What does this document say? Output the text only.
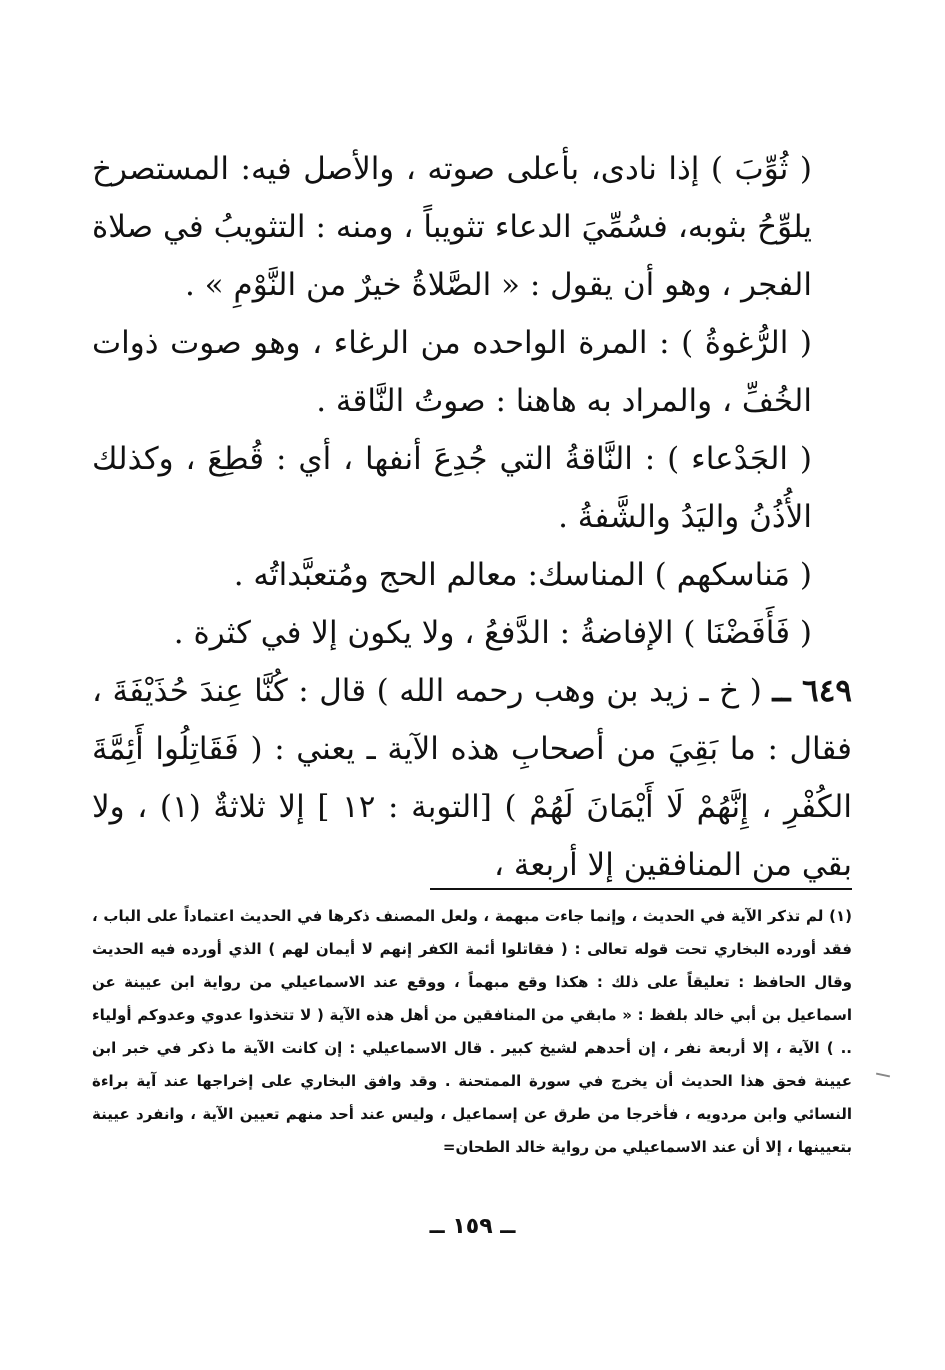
( ثُوِّبَ ) إذا نادى، بأعلى صوته ، والأصل فيه: المستصرخ يلوِّحُ بثوبه، فسُمِّيَ الدعاء تثويباً ، ومنه : التثويبُ في صلاة الفجر ، وهو أن يقول : « الصَّلاةُ خيرٌ من النَّوْمِ » .

( الرُّغوةُ ) : المرة الواحده من الرغاء ، وهو صوت ذوات الخُفِّ ، والمراد به هاهنا : صوتُ النَّاقة .

( الجَدْعاء ) : النَّاقةُ التي جُدِعَ أنفها ، أي : قُطِعَ ، وكذلك الأُذُنُ واليَدُ والشَّفةُ .

( مَناسكهم ) المناسك: معالم الحج ومُتعبَّداتُه .

( فَأَفَضْنَا ) الإفاضةُ : الدَّفعُ ، ولا يكون إلا في كثرة .

٦٤٩ ــ ( خ ـ زيد بن وهب رحمه الله ) قال : كُنَّا عِندَ حُذَيْفَةَ ، فقال : ما بَقِيَ من أصحابِ هذه الآية ـ يعني : ( فَقَاتِلُوا أَئِمَّةَ الكُفْرِ ، إِنَّهُمْ لَا أَيْمَانَ لَهُمْ ) [التوبة : ١٢ ] إلا ثلاثةٌ (١) ، ولا بقي من المنافقين إلا أربعة ،

(١) لم تذكر الآية في الحديث ، وإنما جاءت مبهمة ، ولعل المصنف ذكرها في الحديث اعتماداً على الباب ، فقد أورده البخاري تحت قوله تعالى : ( فقاتلوا أئمة الكفر إنهم لا أيمان لهم ) الذي أورده فيه الحديث وقال الحافظ : تعليقاً على ذلك : هكذا وقع مبهماً ، ووقع عند الاسماعيلي من رواية ابن عيينة عن اسماعيل بن أبي خالد بلفظ : « مابقي من المنافقين من أهل هذه الآية ( لا تتخذوا عدوي وعدوكم أولياء .. ) الآية ، إلا أربعة نفر ، إن أحدهم لشيخ كبير . قال الاسماعيلي : إن كانت الآية ما ذكر في خبر ابن عيينة فحق هذا الحديث أن يخرج في سورة الممتحنة . وقد وافق البخاري على إخراجها عند آية براءة النسائي وابن مردويه ، فأخرجا من طرق عن إسماعيل ، وليس عند أحد منهم تعيين الآية ، وانفرد عيينة بتعيينها ، إلا أن عند الاسماعيلي من رواية خالد الطحان=

ــ ١٥٩ ــ
